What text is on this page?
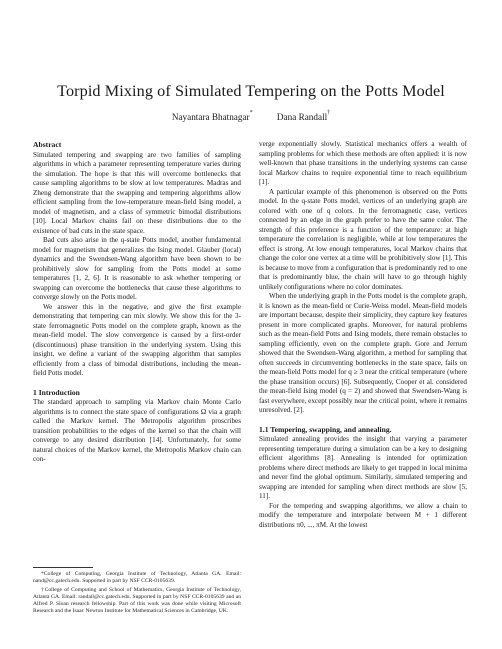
Torpid Mixing of Simulated Tempering on the Potts Model
Nayantara Bhatnagar*	Dana Randall†
Abstract

Simulated tempering and swapping are two families of sampling algorithms in which a parameter representing temperature varies during the simulation. The hope is that this will overcome bottlenecks that cause sampling algorithms to be slow at low temperatures. Madras and Zheng demonstrate that the swapping and tempering algorithms allow efficient sampling from the low-temperature mean-field Ising model, a model of magnetism, and a class of symmetric bimodal distributions [10]. Local Markov chains fail on these distributions due to the existence of bad cuts in the state space.

Bad cuts also arise in the q-state Potts model, another fundamental model for magnetism that generalizes the Ising model. Glauber (local) dynamics and the Swendsen-Wang algorithm have been shown to be prohibitively slow for sampling from the Potts model at some temperatures [1, 2, 6]. It is reasonable to ask whether tempering or swapping can overcome the bottlenecks that cause these algorithms to converge slowly on the Potts model.

We answer this in the negative, and give the first example demonstrating that tempering can mix slowly. We show this for the 3-state ferromagnetic Potts model on the complete graph, known as the mean-field model. The slow convergence is caused by a first-order (discontinuous) phase transition in the underlying system. Using this insight, we define a variant of the swapping algorithm that samples efficiently from a class of bimodal distributions, including the mean-field Potts model.

1 Introduction

The standard approach to sampling via Markov chain Monte Carlo algorithms is to connect the state space of configurations Ω via a graph called the Markov kernel. The Metropolis algorithm proscribes transition probabilities to the edges of the kernel so that the chain will converge to any desired distribution [14]. Unfortunately, for some natural choices of the Markov kernel, the Metropolis Markov chain can con-

*College of Computing, Georgia Institute of Technology, Atlanta GA. Email: nand@cc.gatech.edu. Supported in part by NSF CCR-0105639.

†College of Computing and School of Mathematics, Georgia Institute of Technology, Atlanta GA. Email: randall@cc.gatech.edu. Supported in part by NSF CCR-0105639 and an Alfred P. Sloan research fellowship. Part of this work was done while visiting Microsoft Research and the Isaac Newton Institute for Mathematical Sciences in Cambridge, UK.

verge exponentially slowly. Statistical mechanics offers a wealth of sampling problems for which these methods are often applied: it is now well-known that phase transitions in the underlying systems can cause local Markov chains to require exponential time to reach equilibrium [1].

A particular example of this phenomenon is observed on the Potts model. In the q-state Potts model, vertices of an underlying graph are colored with one of q colors. In the ferromagnetic case, vertices connected by an edge in the graph prefer to have the same color. The strength of this preference is a function of the temperature: at high temperature the correlation is negligible, while at low temperatures the effect is strong. At low enough temperatures, local Markov chains that change the color one vertex at a time will be prohibitively slow [1]. This is because to move from a configuration that is predominantly red to one that is predominantly blue, the chain will have to go through highly unlikely configurations where no color dominates.

When the underlying graph in the Potts model is the complete graph, it is known as the mean-field or Curie-Weiss model. Mean-field models are important because, despite their simplicity, they capture key features present in more complicated graphs. Moreover, for natural problems such as the mean-field Potts and Ising models, there remain obstacles to sampling efficiently, even on the complete graph. Gore and Jerrum showed that the Swendsen-Wang algorithm, a method for sampling that often succeeds in circumventing bottlenecks in the state space, fails on the mean-field Potts model for q ≥ 3 near the critical temperature (where the phase transition occurs) [6]. Subsequently, Cooper et al. considered the mean-field Ising model (q = 2) and showed that Swendsen-Wang is fast everywhere, except possibly near the critical point, where it remains unresolved. [2].

1.1 Tempering, swapping, and annealing.

Simulated annealing provides the insight that varying a parameter representing temperature during a simulation can be a key to designing efficient algorithms [8]. Annealing is intended for optimization problems where direct methods are likely to get trapped in local minima and never find the global optimum. Similarly, simulated tempering and swapping are intended for sampling when direct methods are slow [5, 11].

For the tempering and swapping algorithms, we allow a chain to modify the temperature and interpolate between M + 1 different distributions π0, ..., πM. At the lowest
